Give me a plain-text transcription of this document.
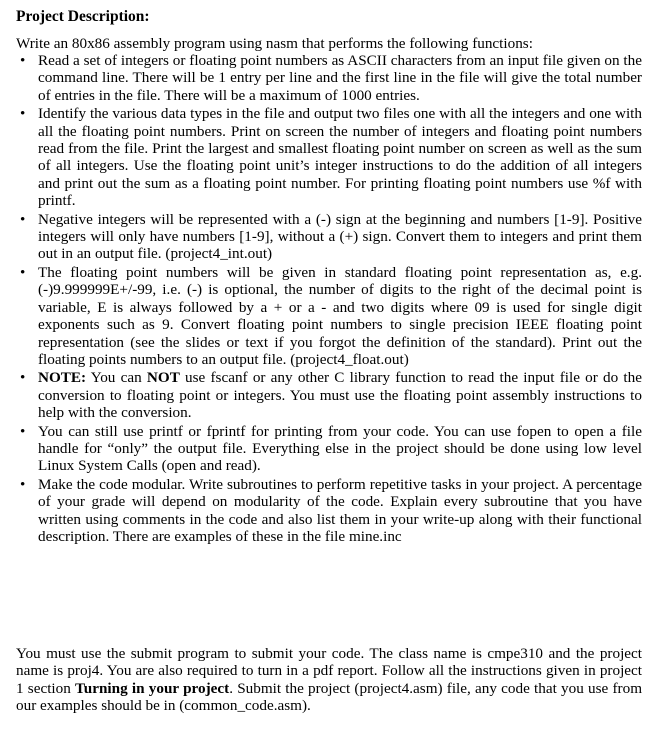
Project Description:

Write an 80x86 assembly program using nasm that performs the following functions:

• Read a set of integers or floating point numbers as ASCII characters from an input file given on the command line. There will be 1 entry per line and the first line in the file will give the total number of entries in the file. There will be a maximum of 1000 entries.
• Identify the various data types in the file and output two files one with all the integers and one with all the floating point numbers. Print on screen the number of integers and floating point numbers read from the file. Print the largest and smallest floating point number on screen as well as the sum of all integers. Use the floating point unit’s integer instructions to do the addition of all integers and print out the sum as a floating point number. For printing floating point numbers use %f with printf.
• Negative integers will be represented with a (-) sign at the beginning and numbers [1-9]. Positive integers will only have numbers [1-9], without a (+) sign. Convert them to integers and print them out in an output file. (project4_int.out)
• The floating point numbers will be given in standard floating point representation as, e.g. (-)9.999999E+/-99, i.e. (-) is optional, the number of digits to the right of the decimal point is variable, E is always followed by a + or a - and two digits where 09 is used for single digit exponents such as 9. Convert floating point numbers to single precision IEEE floating point representation (see the slides or text if you forgot the definition of the standard). Print out the floating points numbers to an output file. (project4_float.out)
• NOTE: You can NOT use fscanf or any other C library function to read the input file or do the conversion to floating point or integers. You must use the floating point assembly instructions to help with the conversion.
• You can still use printf or fprintf for printing from your code. You can use fopen to open a file handle for “only” the output file. Everything else in the project should be done using low level Linux System Calls (open and read).
• Make the code modular. Write subroutines to perform repetitive tasks in your project. A percentage of your grade will depend on modularity of the code. Explain every subroutine that you have written using comments in the code and also list them in your write-up along with their functional description. There are examples of these in the file mine.inc

You must use the submit program to submit your code. The class name is cmpe310 and the project name is proj4. You are also required to turn in a pdf report. Follow all the instructions given in project 1 section Turning in your project. Submit the project (project4.asm) file, any code that you use from our examples should be in (common_code.asm).
